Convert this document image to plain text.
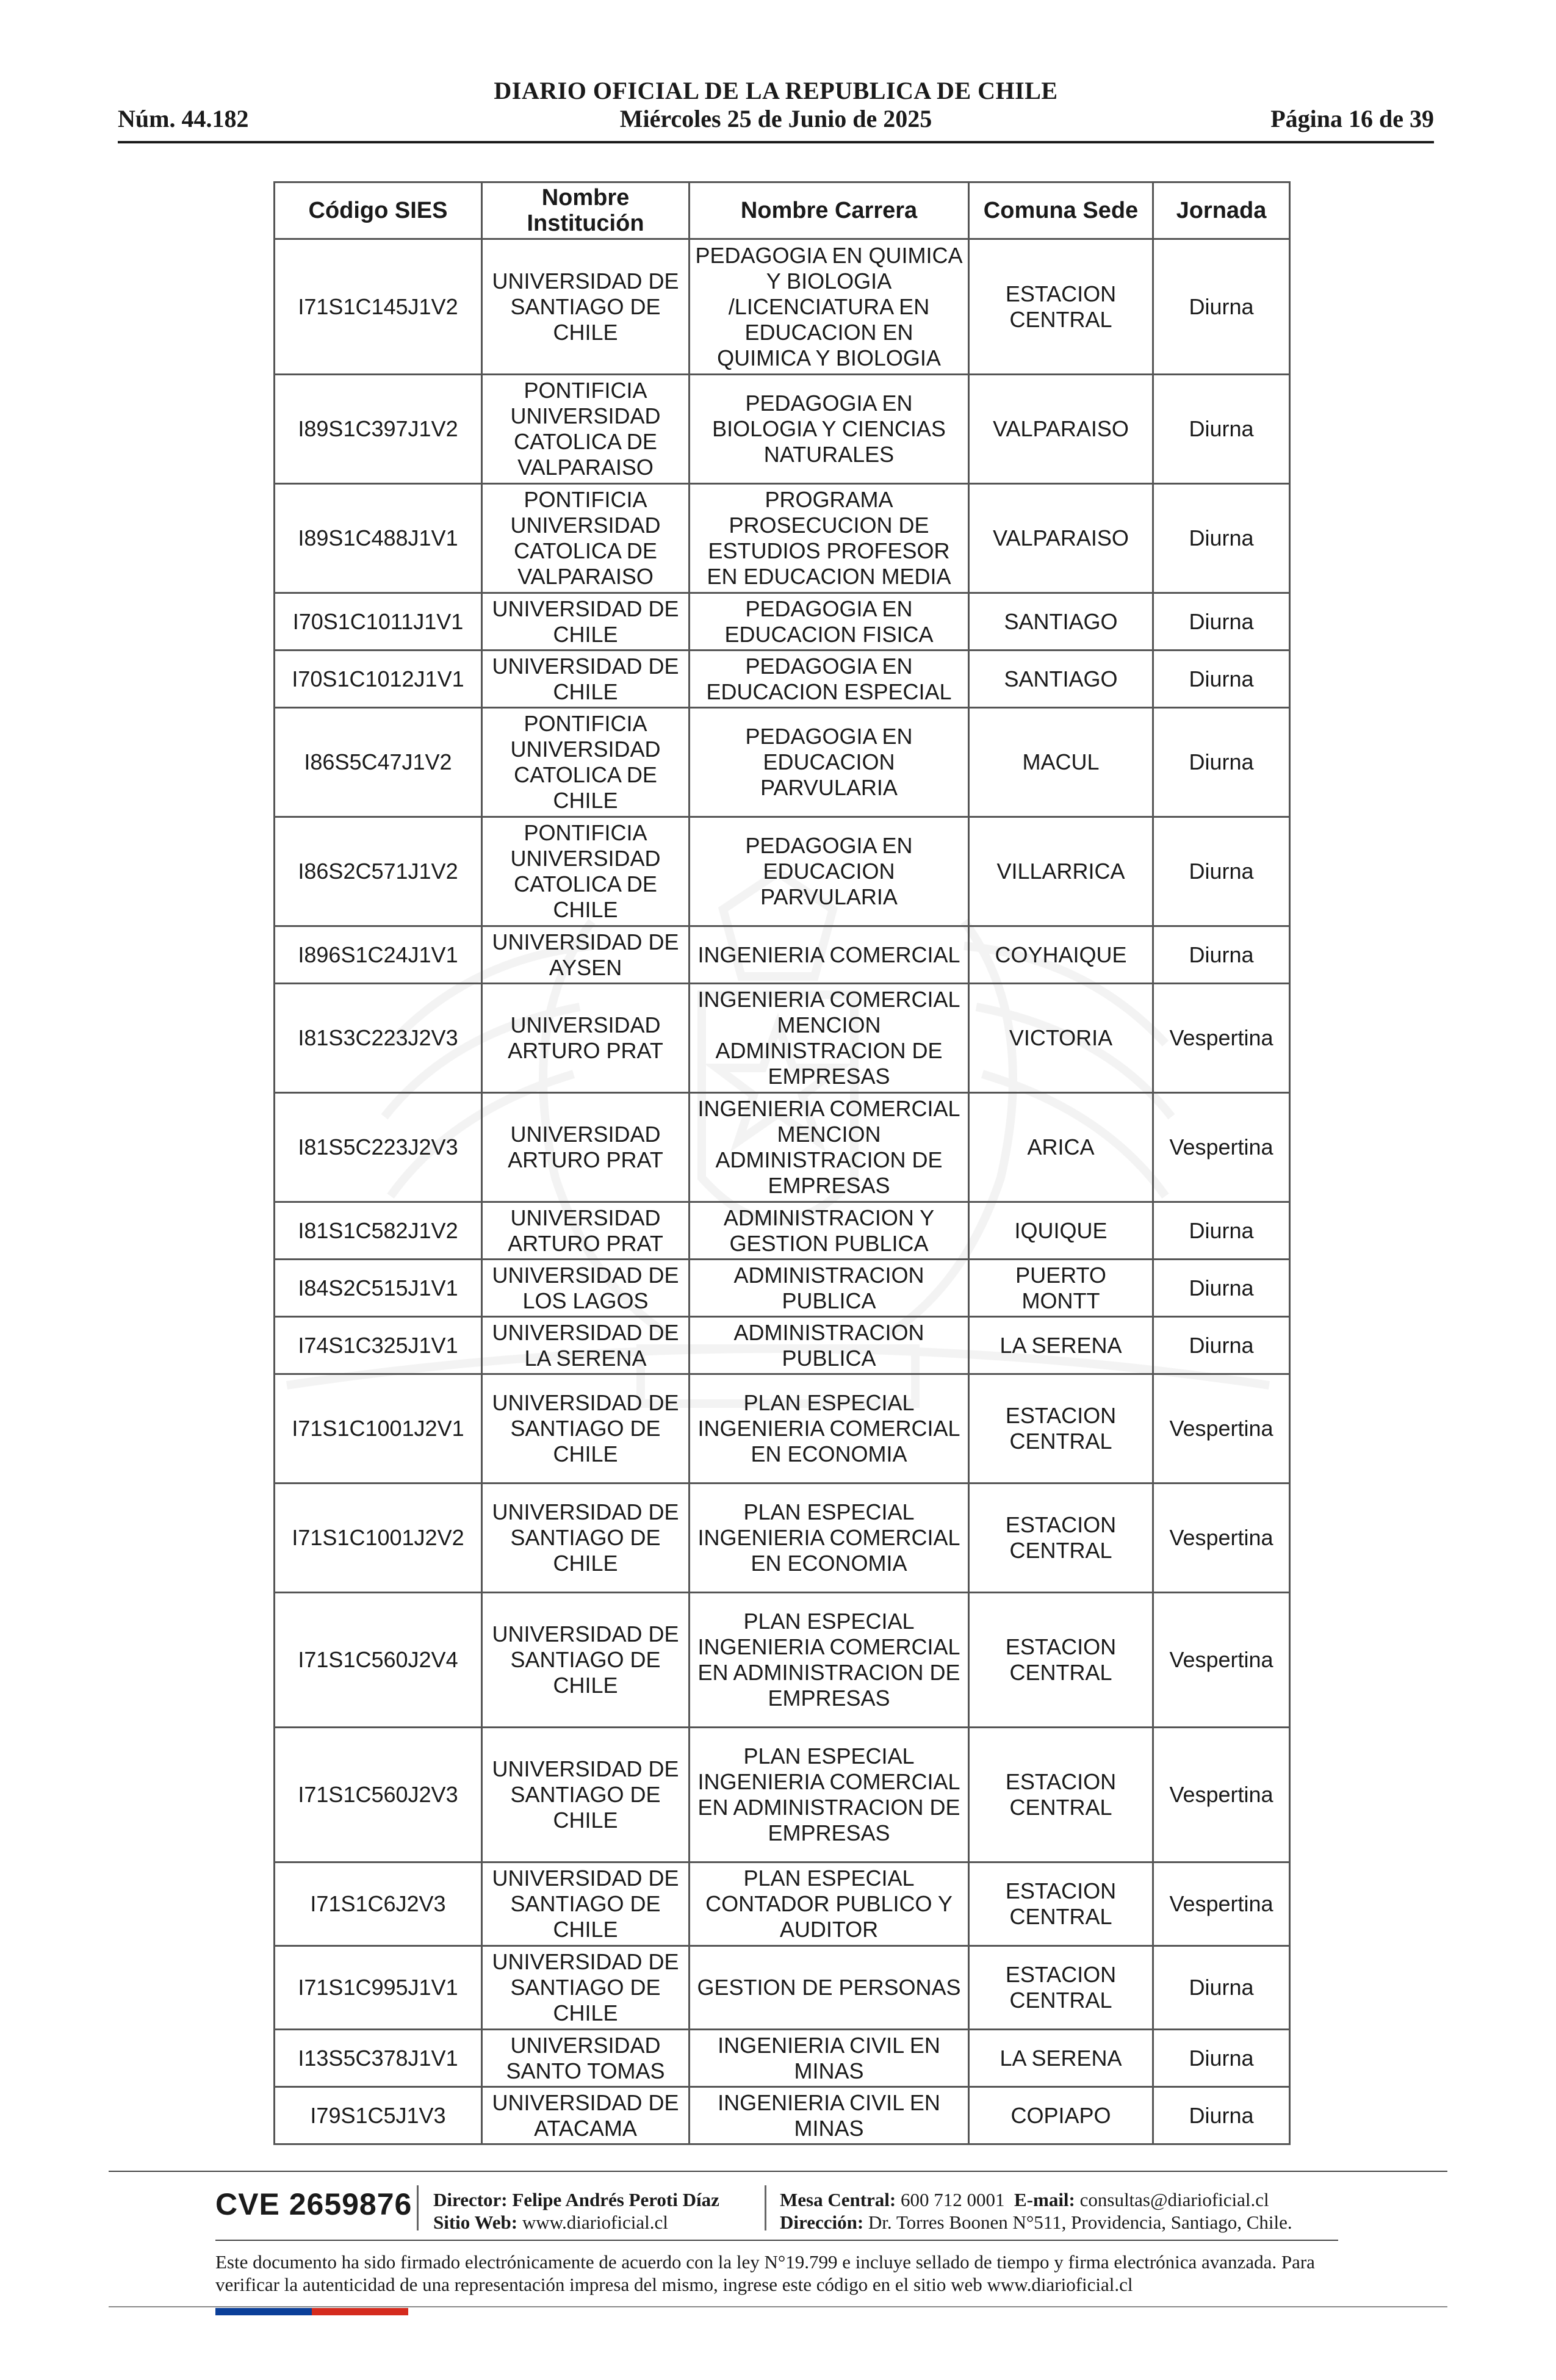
DIARIO OFICIAL DE LA REPUBLICA DE CHILE
Núm. 44.182	Miércoles 25 de Junio de 2025	Página 16 de 39
Código SIES	Nombre Institución	Nombre Carrera	Comuna Sede	Jornada
I71S1C145J1V2	UNIVERSIDAD DE SANTIAGO DE CHILE	PEDAGOGIA EN QUIMICA Y BIOLOGIA /LICENCIATURA EN EDUCACION EN QUIMICA Y BIOLOGIA	ESTACION CENTRAL	Diurna
I89S1C397J1V2	PONTIFICIA UNIVERSIDAD CATOLICA DE VALPARAISO	PEDAGOGIA EN BIOLOGIA Y CIENCIAS NATURALES	VALPARAISO	Diurna
I89S1C488J1V1	PONTIFICIA UNIVERSIDAD CATOLICA DE VALPARAISO	PROGRAMA PROSECUCION DE ESTUDIOS PROFESOR EN EDUCACION MEDIA	VALPARAISO	Diurna
I70S1C1011J1V1	UNIVERSIDAD DE CHILE	PEDAGOGIA EN EDUCACION FISICA	SANTIAGO	Diurna
I70S1C1012J1V1	UNIVERSIDAD DE CHILE	PEDAGOGIA EN EDUCACION ESPECIAL	SANTIAGO	Diurna
I86S5C47J1V2	PONTIFICIA UNIVERSIDAD CATOLICA DE CHILE	PEDAGOGIA EN EDUCACION PARVULARIA	MACUL	Diurna
I86S2C571J1V2	PONTIFICIA UNIVERSIDAD CATOLICA DE CHILE	PEDAGOGIA EN EDUCACION PARVULARIA	VILLARRICA	Diurna
I896S1C24J1V1	UNIVERSIDAD DE AYSEN	INGENIERIA COMERCIAL	COYHAIQUE	Diurna
I81S3C223J2V3	UNIVERSIDAD ARTURO PRAT	INGENIERIA COMERCIAL MENCION ADMINISTRACION DE EMPRESAS	VICTORIA	Vespertina
I81S5C223J2V3	UNIVERSIDAD ARTURO PRAT	INGENIERIA COMERCIAL MENCION ADMINISTRACION DE EMPRESAS	ARICA	Vespertina
I81S1C582J1V2	UNIVERSIDAD ARTURO PRAT	ADMINISTRACION Y GESTION PUBLICA	IQUIQUE	Diurna
I84S2C515J1V1	UNIVERSIDAD DE LOS LAGOS	ADMINISTRACION PUBLICA	PUERTO MONTT	Diurna
I74S1C325J1V1	UNIVERSIDAD DE LA SERENA	ADMINISTRACION PUBLICA	LA SERENA	Diurna
I71S1C1001J2V1	UNIVERSIDAD DE SANTIAGO DE CHILE	PLAN ESPECIAL INGENIERIA COMERCIAL EN ECONOMIA	ESTACION CENTRAL	Vespertina
I71S1C1001J2V2	UNIVERSIDAD DE SANTIAGO DE CHILE	PLAN ESPECIAL INGENIERIA COMERCIAL EN ECONOMIA	ESTACION CENTRAL	Vespertina
I71S1C560J2V4	UNIVERSIDAD DE SANTIAGO DE CHILE	PLAN ESPECIAL INGENIERIA COMERCIAL EN ADMINISTRACION DE EMPRESAS	ESTACION CENTRAL	Vespertina
I71S1C560J2V3	UNIVERSIDAD DE SANTIAGO DE CHILE	PLAN ESPECIAL INGENIERIA COMERCIAL EN ADMINISTRACION DE EMPRESAS	ESTACION CENTRAL	Vespertina
I71S1C6J2V3	UNIVERSIDAD DE SANTIAGO DE CHILE	PLAN ESPECIAL CONTADOR PUBLICO Y AUDITOR	ESTACION CENTRAL	Vespertina
I71S1C995J1V1	UNIVERSIDAD DE SANTIAGO DE CHILE	GESTION DE PERSONAS	ESTACION CENTRAL	Diurna
I13S5C378J1V1	UNIVERSIDAD SANTO TOMAS	INGENIERIA CIVIL EN MINAS	LA SERENA	Diurna
I79S1C5J1V3	UNIVERSIDAD DE ATACAMA	INGENIERIA CIVIL EN MINAS	COPIAPO	Diurna
CVE 2659876 Director: Felipe Andrés Peroti Díaz
Sitio Web: www.diarioficial.cl
Mesa Central: 600 712 0001 E-mail: consultas@diarioficial.cl
Dirección: Dr. Torres Boonen N°511, Providencia, Santiago, Chile.
Este documento ha sido firmado electrónicamente de acuerdo con la ley N°19.799 e incluye sellado de tiempo y firma electrónica avanzada. Para verificar la autenticidad de una representación impresa del mismo, ingrese este código en el sitio web www.diarioficial.cl
